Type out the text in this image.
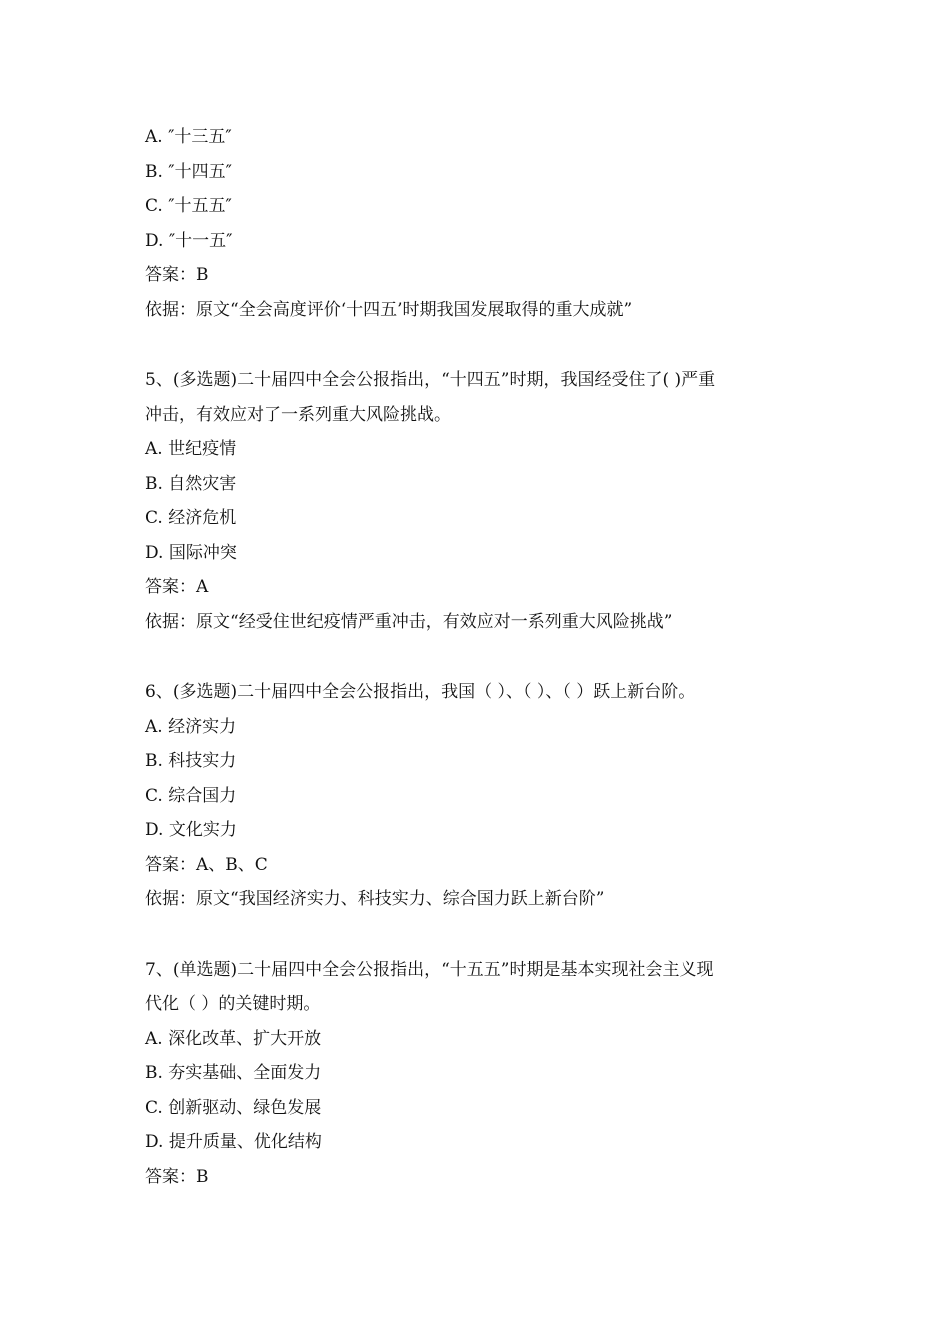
A. ″十三五″
B. ″十四五″
C. ″十五五″
D. ″十一五″
答案：B
依据：原文“全会高度评价‘十四五’时期我国发展取得的重大成就”
5、(多选题)二十届四中全会公报指出，“十四五”时期，我国经受住了( )严重
冲击，有效应对了一系列重大风险挑战。
A. 世纪疫情
B. 自然灾害
C. 经济危机
D. 国际冲突
答案：A
依据：原文“经受住世纪疫情严重冲击，有效应对一系列重大风险挑战”
6、(多选题)二十届四中全会公报指出，我国（ ）、（ ）、（ ）跃上新台阶。
A. 经济实力
B. 科技实力
C. 综合国力
D. 文化实力
答案：A、B、C
依据：原文“我国经济实力、科技实力、综合国力跃上新台阶”
7、(单选题)二十届四中全会公报指出，“十五五”时期是基本实现社会主义现
代化（ ）的关键时期。
A. 深化改革、扩大开放
B. 夯实基础、全面发力
C. 创新驱动、绿色发展
D. 提升质量、优化结构
答案：B
